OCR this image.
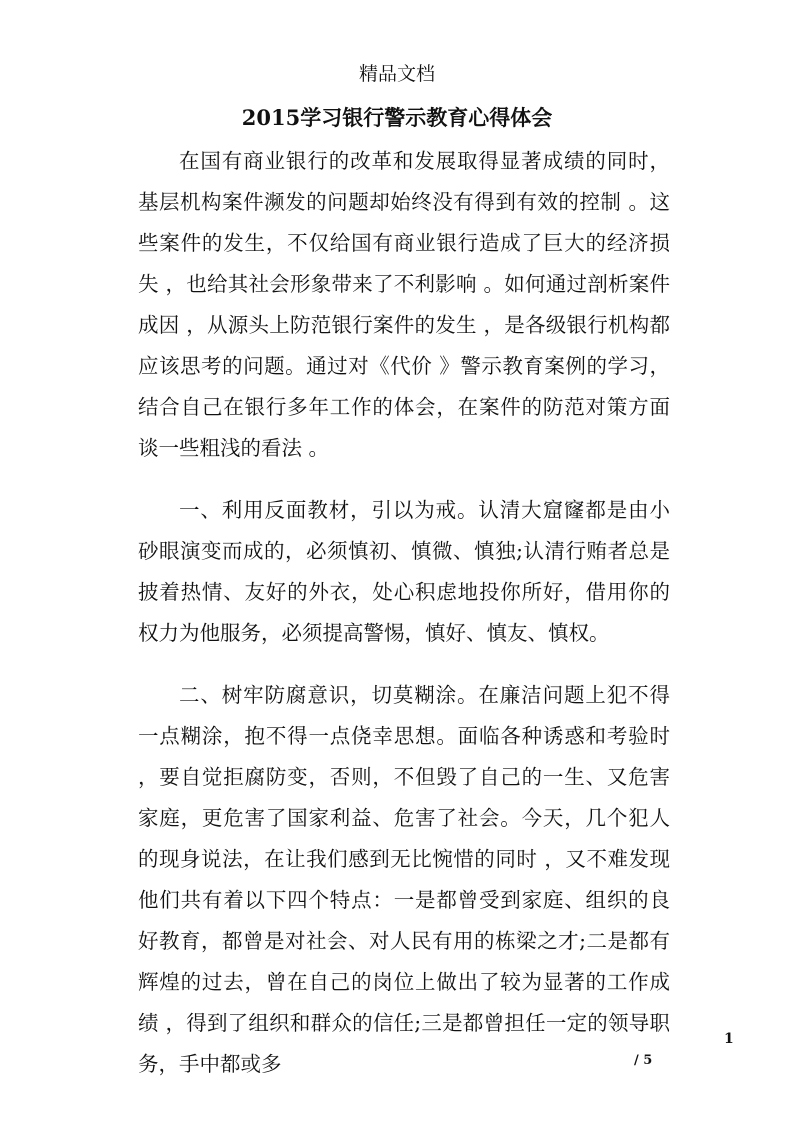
精品文档
2015学习银行警示教育心得体会

在国有商业银行的改革和发展取得显著成绩的同时，基层机构案件濒发的问题却始终没有得到有效的控制 。这些案件的发生，不仅给国有商业银行造成了巨大的经济损失 ，也给其社会形象带来了不利影响 。如何通过剖析案件成因 ，从源头上防范银行案件的发生 ，是各级银行机构都应该思考的问题。通过对《代价 》警示教育案例的学习，结合自己在银行多年工作的体会，在案件的防范对策方面谈一些粗浅的看法 。

一、利用反面教材，引以为戒。认清大窟窿都是由小砂眼演变而成的，必须慎初、慎微、慎独;认清行贿者总是披着热情、友好的外衣，处心积虑地投你所好，借用你的权力为他服务，必须提高警惕，慎好、慎友、慎权。

二、树牢防腐意识，切莫糊涂。在廉洁问题上犯不得一点糊涂，抱不得一点侥幸思想。面临各种诱惑和考验时 ，要自觉拒腐防变，否则，不但毁了自己的一生、又危害家庭，更危害了国家利益、危害了社会。今天，几个犯人的现身说法，在让我们感到无比惋惜的同时 ，又不难发现他们共有着以下四个特点：一是都曾受到家庭、组织的良好教育，都曾是对社会、对人民有用的栋梁之才;二是都有辉煌的过去，曾在自己的岗位上做出了较为显著的工作成绩 ，得到了组织和群众的信任;三是都曾担任一定的领导职务，手中都或多

1
/ 5
